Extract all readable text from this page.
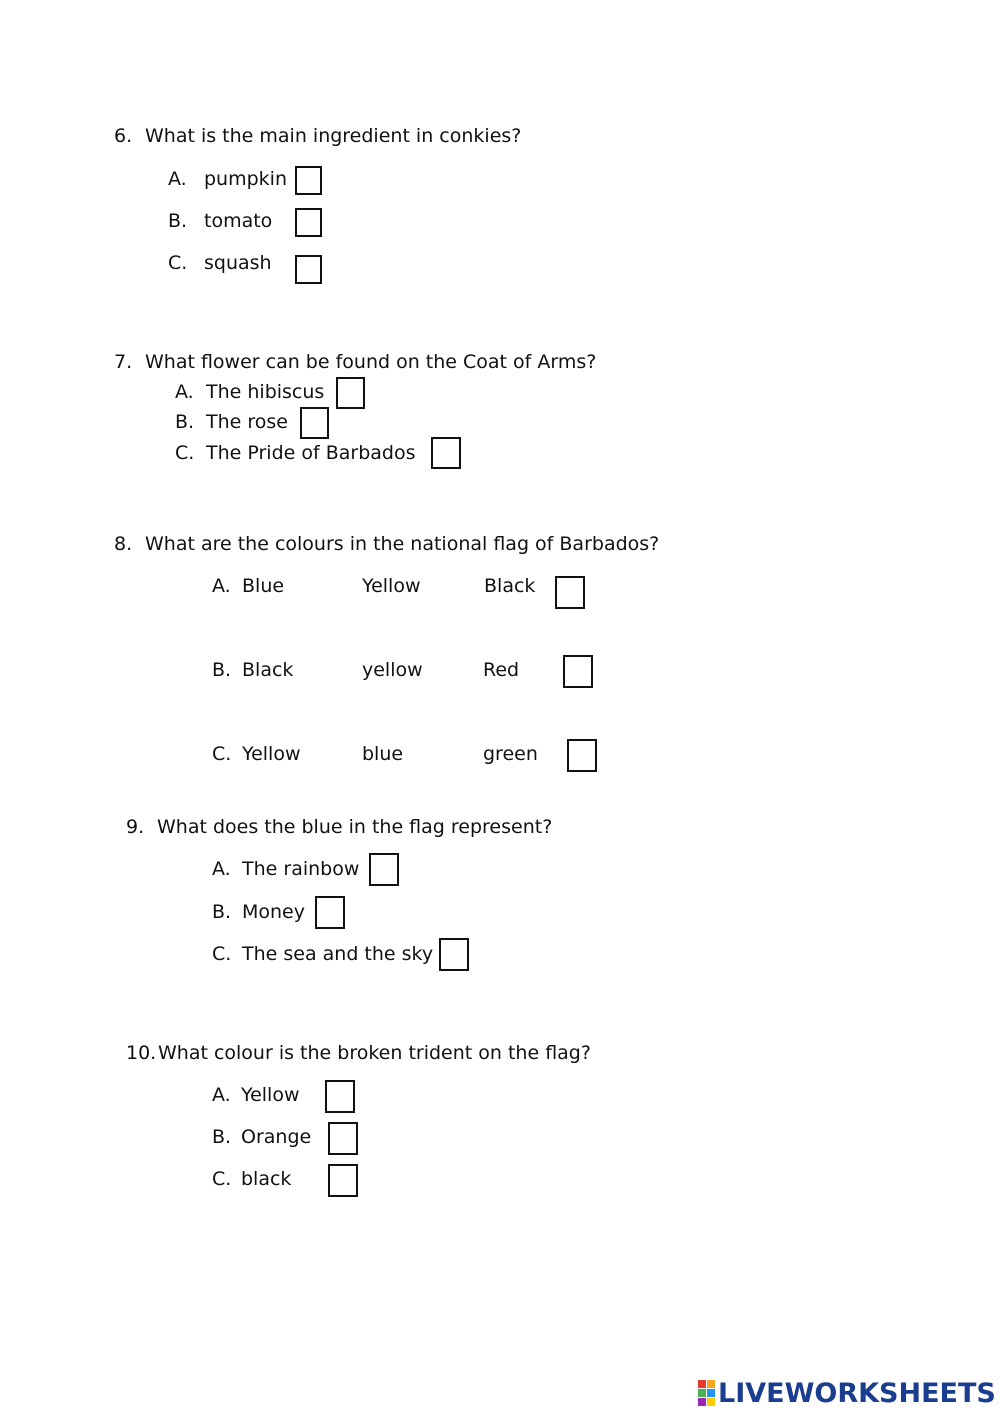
6. What is the main ingredient in conkies?
A. pumpkin
B. tomato
C. squash
7. What flower can be found on the Coat of Arms?
A. The hibiscus
B. The rose
C. The Pride of Barbados
8. What are the colours in the national flag of Barbados?
A. Blue	Yellow	Black
B. Black	yellow	Red
C. Yellow	blue	green
9. What does the blue in the flag represent?
A. The rainbow
B. Money
C. The sea and the sky
10. What colour is the broken trident on the flag?
A. Yellow
B. Orange
C. black
LIVEWORKSHEETS
